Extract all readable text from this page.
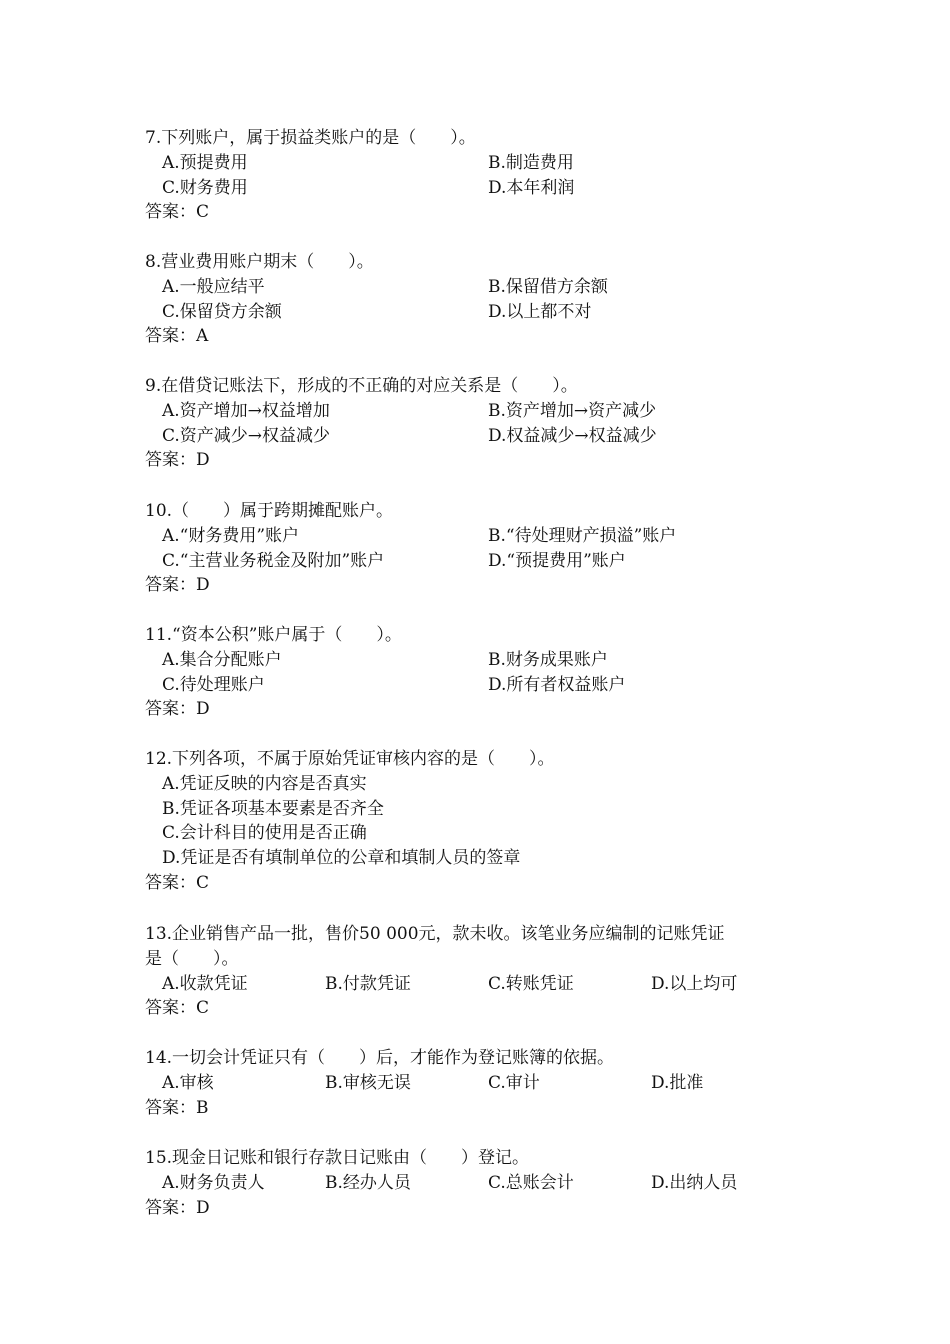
7.下列账户，属于损益类账户的是（　　）。
A.预提费用	B.制造费用
C.财务费用	D.本年利润
答案：C
8.营业费用账户期末（　　）。
A.一般应结平	B.保留借方余额
C.保留贷方余额	D.以上都不对
答案：A
9.在借贷记账法下，形成的不正确的对应关系是（　　）。
A.资产增加→权益增加	B.资产增加→资产减少
C.资产减少→权益减少	D.权益减少→权益减少
答案：D
10.（　　）属于跨期摊配账户。
A.“财务费用”账户	B.“待处理财产损溢”账户
C.“主营业务税金及附加”账户	D.“预提费用”账户
答案：D
11.“资本公积”账户属于（　　）。
A.集合分配账户	B.财务成果账户
C.待处理账户	D.所有者权益账户
答案：D
12.下列各项，不属于原始凭证审核内容的是（　　）。
A.凭证反映的内容是否真实
B.凭证各项基本要素是否齐全
C.会计科目的使用是否正确
D.凭证是否有填制单位的公章和填制人员的签章
答案：C
13.企业销售产品一批，售价50 000元，款未收。该笔业务应编制的记账凭证
是（　　）。
A.收款凭证	B.付款凭证	C.转账凭证	D.以上均可
答案：C
14.一切会计凭证只有（　　）后，才能作为登记账簿的依据。
A.审核	B.审核无误	C.审计	D.批准
答案：B
15.现金日记账和银行存款日记账由（　　）登记。
A.财务负责人	B.经办人员	C.总账会计	D.出纳人员
答案：D
